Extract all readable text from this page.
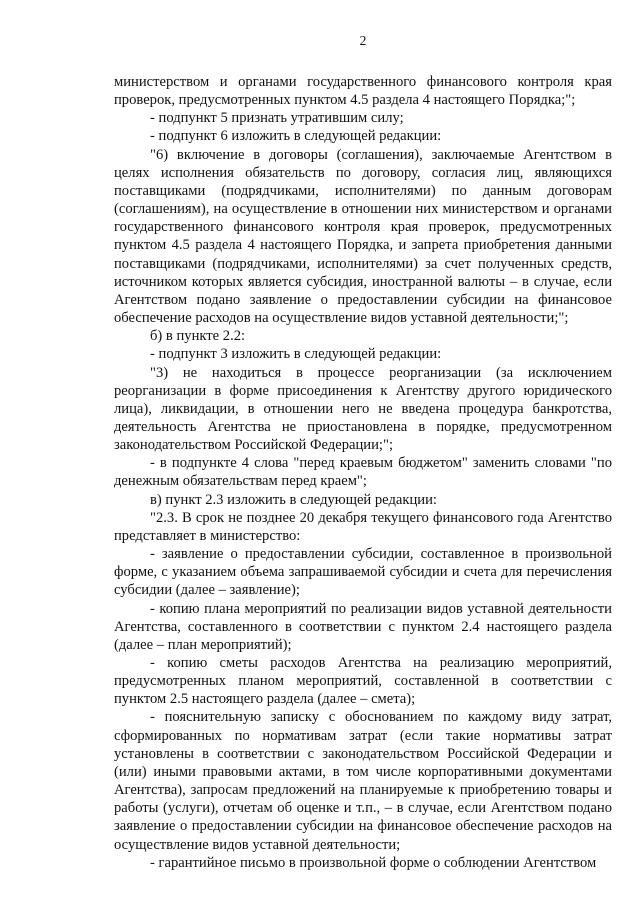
2

министерством и органами государственного финансового контроля края проверок, предусмотренных пунктом 4.5 раздела 4 настоящего Порядка;";

- подпункт 5 признать утратившим силу;

- подпункт 6 изложить в следующей редакции:

"6) включение в договоры (соглашения), заключаемые Агентством в целях исполнения обязательств по договору, согласия лиц, являющихся поставщиками (подрядчиками, исполнителями) по данным договорам (соглашениям), на осуществление в отношении них министерством и органами государственного финансового контроля края проверок, предусмотренных пунктом 4.5 раздела 4 настоящего Порядка, и запрета приобретения данными поставщиками (подрядчиками, исполнителями) за счет полученных средств, источником которых является субсидия, иностранной валюты – в случае, если Агентством подано заявление о предоставлении субсидии на финансовое обеспечение расходов на осуществление видов уставной деятельности;";

б) в пункте 2.2:

- подпункт 3 изложить в следующей редакции:

"3) не находиться в процессе реорганизации (за исключением реорганизации в форме присоединения к Агентству другого юридического лица), ликвидации, в отношении него не введена процедура банкротства, деятельность Агентства не приостановлена в порядке, предусмотренном законодательством Российской Федерации;";

- в подпункте 4 слова "перед краевым бюджетом" заменить словами "по денежным обязательствам перед краем";

в) пункт 2.3 изложить в следующей редакции:

"2.3. В срок не позднее 20 декабря текущего финансового года Агентство представляет в министерство:

- заявление о предоставлении субсидии, составленное в произвольной форме, с указанием объема запрашиваемой субсидии и счета для перечисления субсидии (далее – заявление);

- копию плана мероприятий по реализации видов уставной деятельности Агентства, составленного в соответствии с пунктом 2.4 настоящего раздела (далее – план мероприятий);

- копию сметы расходов Агентства на реализацию мероприятий, предусмотренных планом мероприятий, составленной в соответствии с пунктом 2.5 настоящего раздела (далее – смета);

- пояснительную записку с обоснованием по каждому виду затрат, сформированных по нормативам затрат (если такие нормативы затрат установлены в соответствии с законодательством Российской Федерации и (или) иными правовыми актами, в том числе корпоративными документами Агентства), запросам предложений на планируемые к приобретению товары и работы (услуги), отчетам об оценке и т.п., – в случае, если Агентством подано заявление о предоставлении субсидии на финансовое обеспечение расходов на осуществление видов уставной деятельности;

- гарантийное письмо в произвольной форме о соблюдении Агентством
